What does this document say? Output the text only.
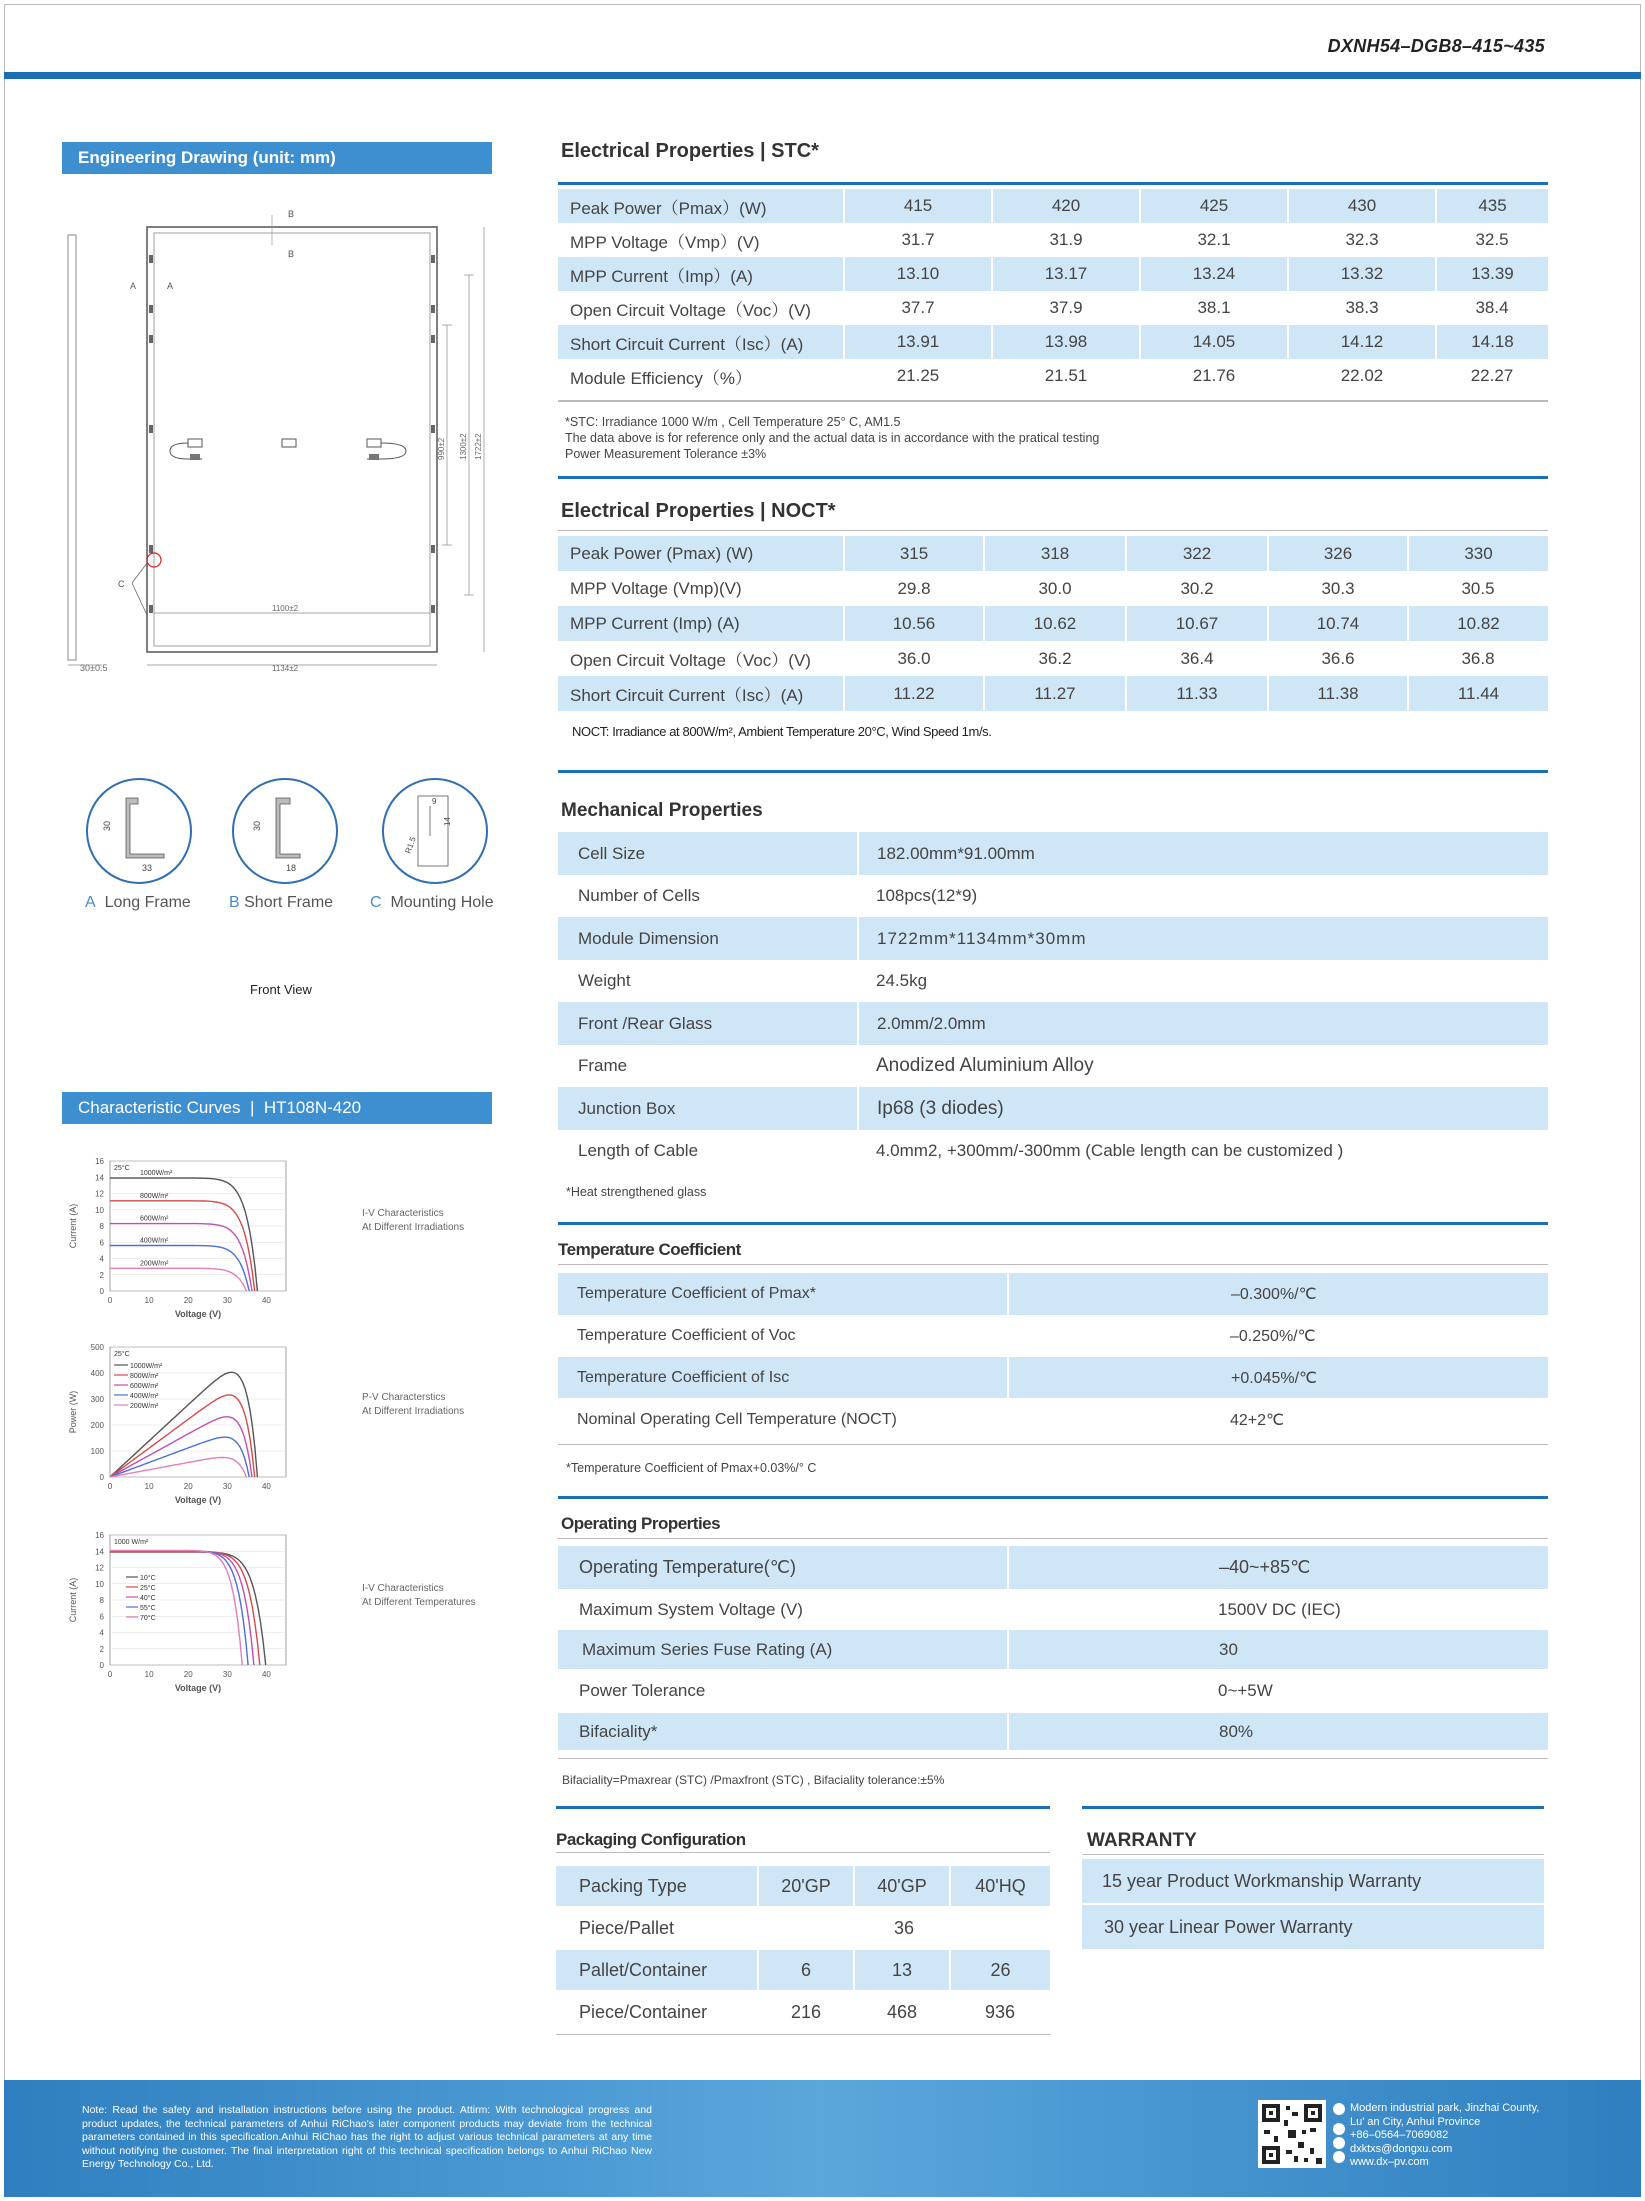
DXNH54–DGB8–415~435
Engineering Drawing (unit: mm)
30±0.5
B
B
A	A
C
990±2 1300±2 1722±2
1100±2
1134±2
30
33
30
18
9
14
R1.5
A Long Frame B Short Frame C Mounting Hole
Front View
Characteristic Curves  |  HT108N-420
0
2
4
6
8
10
12
14
16
0	10	20	30	40
Voltage (V)
Current (A)
1000W/m²
800W/m²
600W/m²
400W/m²
200W/m²
25°C
I-V Characteristics
At Different Irradiations
0
100
200
300
400
500
0	10	20	30	40
Voltage (V)
Power (W)
25°C
1000W/m²
800W/m²
600W/m²
400W/m²
200W/m²
P-V Characterstics
At Different Irradiations
0
2
4
6
8
10
12
14
16
0	10	20	30	40
Voltage (V)
Current (A)
1000 W/m²
10°C
25°C
40°C
55°C
70°C
I-V Characteristics
At Different Temperatures
Electrical Properties | STC*
Peak Power（Pmax）(W)	415	420	425	430	435
MPP Voltage（Vmp）(V)	31.7	31.9	32.1	32.3	32.5
MPP Current（Imp）(A)	13.10	13.17	13.24	13.32	13.39
Open Circuit Voltage（Voc）(V)	37.7	37.9	38.1	38.3	38.4
Short Circuit Current（Isc）(A)	13.91	13.98	14.05	14.12	14.18
Module Efficiency（%）	21.25	21.51	21.76	22.02	22.27
*STC: Irradiance 1000 W/m , Cell Temperature 25° C, AM1.5
The data above is for reference only and the actual data is in accordance with the pratical testing
Power Measurement Tolerance ±3%
Electrical Properties | NOCT*
Peak Power (Pmax) (W)	315	318	322	326	330
MPP Voltage (Vmp)(V)	29.8	30.0	30.2	30.3	30.5
MPP Current (Imp) (A)	10.56	10.62	10.67	10.74	10.82
Open Circuit Voltage（Voc）(V)	36.0	36.2	36.4	36.6	36.8
Short Circuit Current（Isc）(A)	11.22	11.27	11.33	11.38	11.44
NOCT: Irradiance at 800W/m², Ambient Temperature 20°C, Wind Speed 1m/s.
Mechanical Properties
Cell Size	182.00mm*91.00mm
Number of Cells	108pcs(12*9)
Module Dimension	1722mm*1134mm*30mm
Weight	24.5kg
Front /Rear Glass	2.0mm/2.0mm
Frame	Anodized Aluminium Alloy
Junction Box	Ip68 (3 diodes)
Length of Cable	4.0mm2, +300mm/-300mm (Cable length can be customized )
*Heat strengthened glass
Temperature Coefficient
Temperature Coefficient of Pmax*	–0.300%/℃
Temperature Coefficient of Voc	–0.250%/℃
Temperature Coefficient of Isc	+0.045%/℃
Nominal Operating Cell Temperature (NOCT)	42+2℃
*Temperature Coefficient of Pmax+0.03%/° C
Operating Properties
Operating Temperature(℃)	–40~+85℃
Maximum System Voltage (V)	1500V DC (IEC)
Maximum Series Fuse Rating (A)	30
Power Tolerance	0~+5W
Bifaciality*	80%
Bifaciality=Pmaxrear (STC) /Pmaxfront (STC) , Bifaciality tolerance:±5%
Packaging Configuration
Packing Type	20'GP	40'GP	40'HQ
Piece/Pallet	36		
Pallet/Container	6	13	26
Piece/Container	216	468	936
WARRANTY
15 year Product Workmanship Warranty
30 year Linear Power Warranty
Note: Read the safety and installation instructions before using the product. Attirm: With technological progress and product updates, the technical parameters of Anhui RiChao's later component products may deviate from the technical parameters contained in this specification.Anhui RiChao has the right to adjust various technical parameters at any time without notifying the customer. The final interpretation right of this technical specification belongs to Anhui RiChao New Energy Technology Co., Ltd.
Modern industrial park, Jinzhai County,
Lu' an City, Anhui Province
+86–0564–7069082
dxktxs@dongxu.com
www.dx–pv.com
